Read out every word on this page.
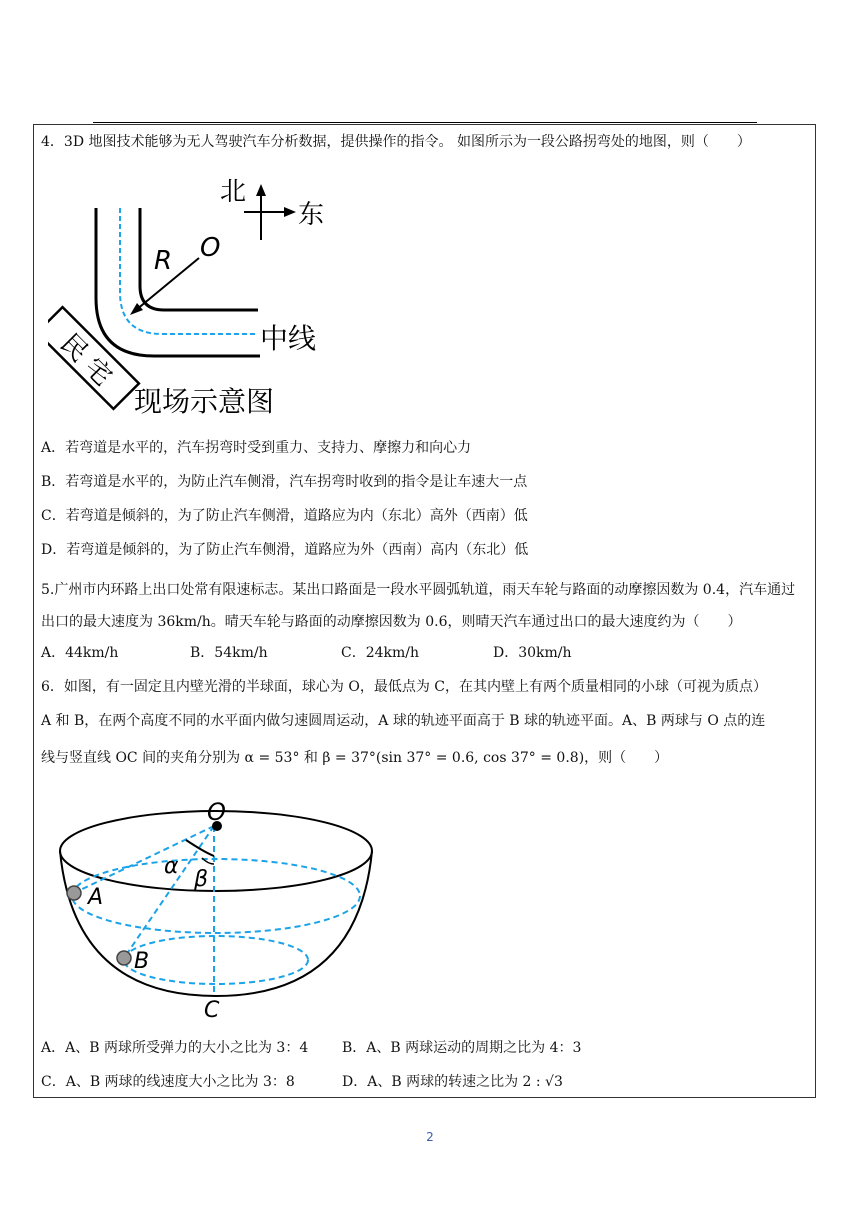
4．3D 地图技术能够为无人驾驶汽车分析数据，提供操作的指令。 如图所示为一段公路拐弯处的地图，则（　　）
北
东
R O
中线
民
宅
现场示意图
A．若弯道是水平的，汽车拐弯时受到重力、支持力、摩擦力和向心力
B．若弯道是水平的，为防止汽车侧滑，汽车拐弯时收到的指令是让车速大一点
C．若弯道是倾斜的，为了防止汽车侧滑，道路应为内（东北）高外（西南）低
D．若弯道是倾斜的，为了防止汽车侧滑，道路应为外（西南）高内（东北）低
5.广州市内环路上出口处常有限速标志。某出口路面是一段水平圆弧轨道，雨天车轮与路面的动摩擦因数为 0.4，汽车通过出口的最大速度为 36km/h。晴天车轮与路面的动摩擦因数为 0.6，则晴天汽车通过出口的最大速度约为（　　）
A．44km/h	B．54km/h	C．24km/h	D．30km/h
6．如图，有一固定且内壁光滑的半球面，球心为 O，最低点为 C，在其内壁上有两个质量相同的小球（可视为质点）
A 和 B，在两个高度不同的水平面内做匀速圆周运动，A 球的轨迹平面高于 B 球的轨迹平面。A、B 两球与 O 点的连
线与竖直线 OC 间的夹角分别为 α = 53° 和 β = 37°(sin 37° = 0.6, cos 37° = 0.8)，则（　　）
O
α
β
A
B
C
A．A、B 两球所受弹力的大小之比为 3：4 B．A、B 两球运动的周期之比为 4：3
C．A、B 两球的线速度大小之比为 3：8	D．A、B 两球的转速之比为 2 : √3
2
